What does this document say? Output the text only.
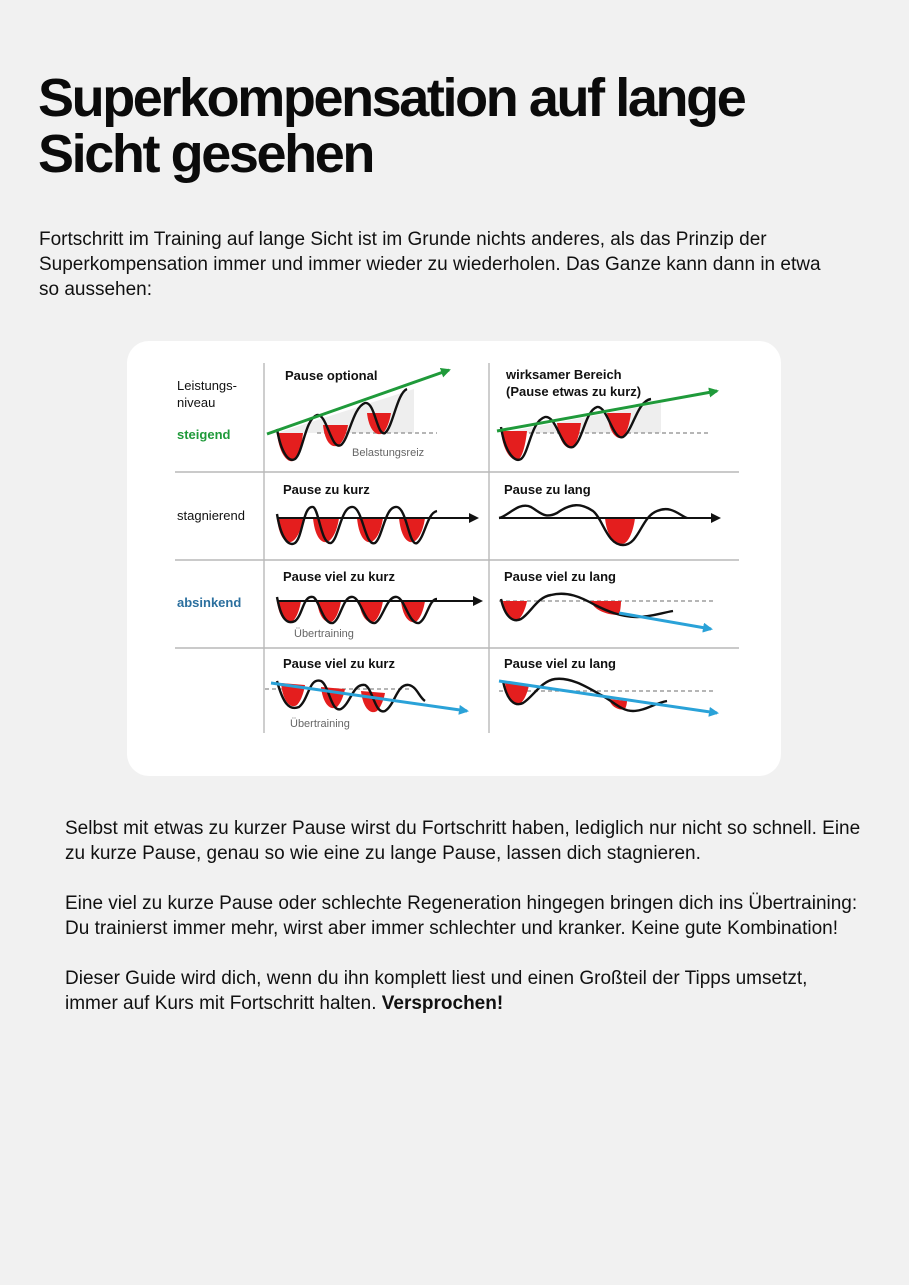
Superkompensation auf lange Sicht gesehen

Fortschritt im Training auf lange Sicht ist im Grunde nichts anderes, als das Prinzip der Superkompensation immer und immer wieder zu wiederholen. Das Ganze kann dann in etwa so aussehen:

Leistungs-
niveau
steigend
stagnierend
absinkend
Pause optional	wirksamer Bereich
(Pause etwas zu kurz)
Pause zu kurz	Pause zu lang
Pause viel zu kurz	Pause viel zu lang
Pause viel zu kurz	Pause viel zu lang
Belastungsreiz
Übertraining
Übertraining

Selbst mit etwas zu kurzer Pause wirst du Fortschritt haben, lediglich nur nicht so schnell. Eine zu kurze Pause, genau so wie eine zu lange Pause, lassen dich stagnieren.

Eine viel zu kurze Pause oder schlechte Regeneration hingegen bringen dich ins Übertraining: Du trainierst immer mehr, wirst aber immer schlechter und kranker. Keine gute Kombination!

Dieser Guide wird dich, wenn du ihn komplett liest und einen Großteil der Tipps umsetzt, immer auf Kurs mit Fortschritt halten. Versprochen!
